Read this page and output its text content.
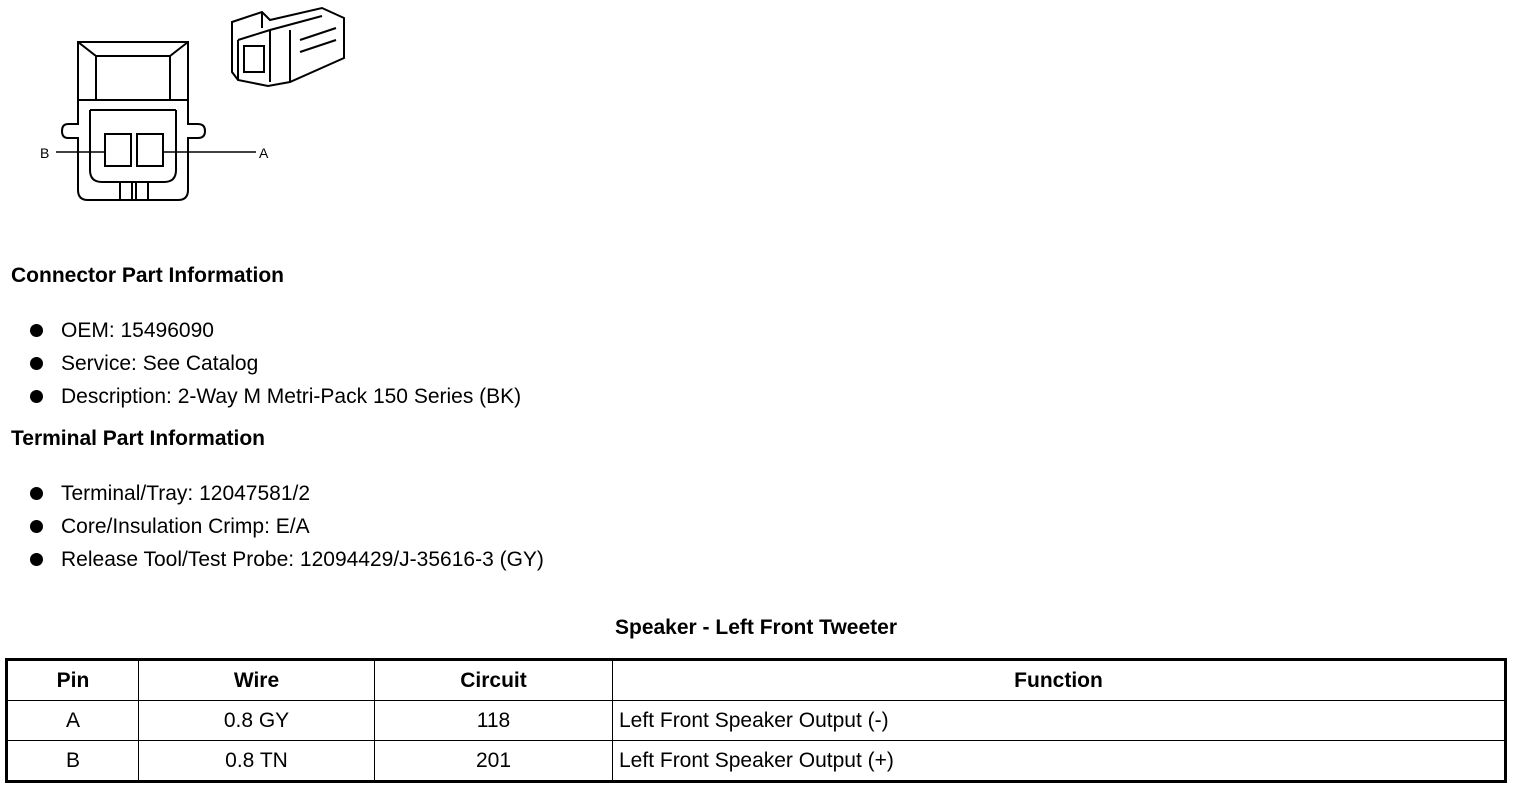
B	A
Connector Part Information
OEM: 15496090
Service: See Catalog
Description: 2-Way M Metri-Pack 150 Series (BK)
Terminal Part Information
Terminal/Tray: 12047581/2
Core/Insulation Crimp: E/A
Release Tool/Test Probe: 12094429/J-35616-3 (GY)
Speaker - Left Front Tweeter
Pin	Wire	Circuit	Function
A	0.8 GY	118	Left Front Speaker Output (-)
B	0.8 TN	201	Left Front Speaker Output (+)
